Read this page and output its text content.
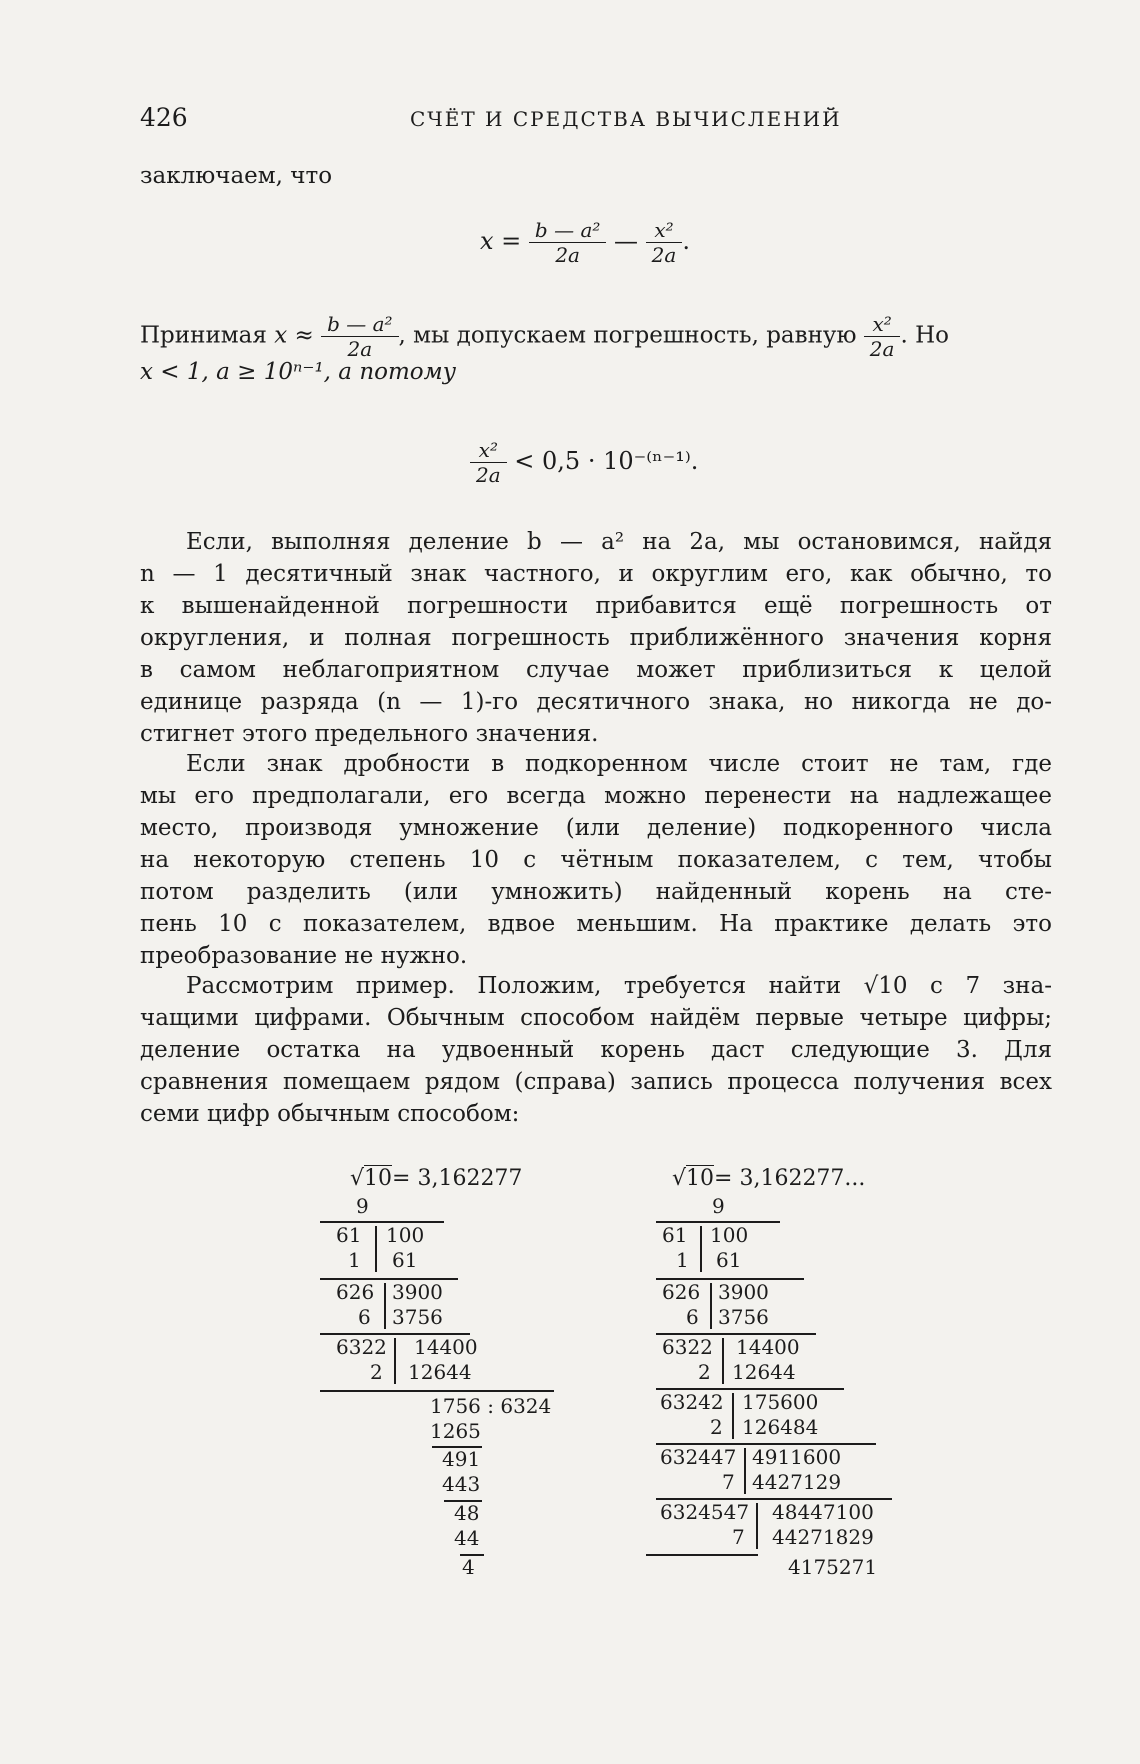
426	СЧЁТ И СРЕДСТВА ВЫЧИСЛЕНИЙ
заключаем, что
$x = \frac{\text{b — a²}}{2a}$ — $\frac{\text{x²}}{2a}$ .
Принимая $x \approx \frac{\text{b — a²}}{2a}$ , мы допускаем погрешность, равную $\frac{\text{x²}}{2a}$ . Но
x < 1, a ≥ 10ⁿ⁻¹, а потому
$\frac{\text{x²}}{2a} < 0,5 \cdot 10^{-(n-1)}$.
Если, выполняя деление b — a² на 2a, мы остановимся, найдя
n — 1 десятичный знак частного, и округлим его, как обычно, то
к вышенайденной погрешности прибавится ещё погрешность от
округления, и полная погрешность приближённого значения корня
в самом неблагоприятном случае может приблизиться к целой
единице разряда (n — 1)-го десятичного знака, но никогда не до-
стигнет этого предельного значения.
Если знак дробности в подкоренном числе стоит не там, где
мы его предполагали, его всегда можно перенести на надлежащее
место, производя умножение (или деление) подкоренного числа
на некоторую степень 10 с чётным показателем, с тем, чтобы
потом разделить (или умножить) найденный корень на сте-
пень 10 с показателем, вдвое меньшим. На практике делать это
преобразование не нужно.
Рассмотрим пример. Положим, требуется найти √10 с 7 зна-
чащими цифрами. Обычным способом найдём первые четыре цифры;
деление остатка на удвоенный корень даст следующие 3. Для
сравнения помещаем рядом (справа) запись процесса получения всех
семи цифр обычным способом:
√10= 3,162277
9
61
1
100
61
626
6
3900
3756
6322
2
14400
12644
1756 : 6324
1265
491
443
48
44
4
√10= 3,162277...
9
61
1
100
61
626
6
3900
3756
6322
2
14400
12644
63242
2
175600
126484
632447
7
4911600
4427129
6324547
7
48447100
44271829
4175271
